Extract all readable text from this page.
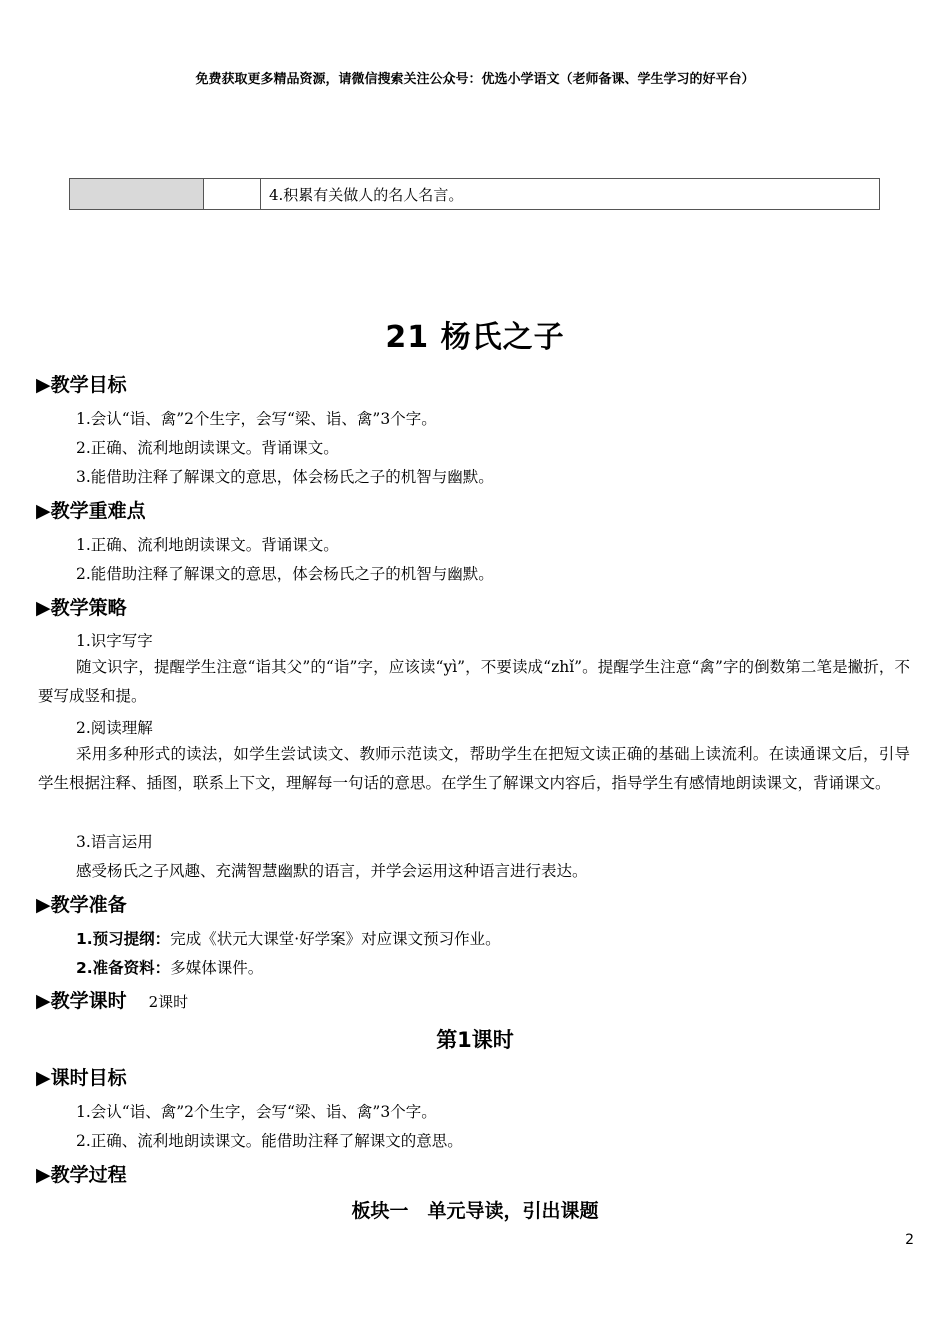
免费获取更多精品资源，请微信搜索关注公众号：优选小学语文（老师备课、学生学习的好平台）
		4.积累有关做人的名人名言。
21 杨氏之子
▶教学目标
1.会认“诣、禽”2个生字，会写“梁、诣、禽”3个字。
2.正确、流利地朗读课文。背诵课文。
3.能借助注释了解课文的意思，体会杨氏之子的机智与幽默。
▶教学重难点
1.正确、流利地朗读课文。背诵课文。
2.能借助注释了解课文的意思，体会杨氏之子的机智与幽默。
▶教学策略
1.识字写字
随文识字，提醒学生注意“诣其父”的“诣”字，应该读“yì”，不要读成“zhǐ”。提醒学生注意“禽”字的倒数第二笔是撇折，不要写成竖和提。
2.阅读理解
采用多种形式的读法，如学生尝试读文、教师示范读文，帮助学生在把短文读正确的基础上读流利。在读通课文后，引导学生根据注释、插图，联系上下文，理解每一句话的意思。在学生了解课文内容后，指导学生有感情地朗读课文，背诵课文。
3.语言运用
感受杨氏之子风趣、充满智慧幽默的语言，并学会运用这种语言进行表达。
▶教学准备
1.预习提纲：完成《状元大课堂·好学案》对应课文预习作业。
2.准备资料：多媒体课件。
▶教学课时 2课时
第1课时
▶课时目标
1.会认“诣、禽”2个生字，会写“梁、诣、禽”3个字。
2.正确、流利地朗读课文。能借助注释了解课文的意思。
▶教学过程
板块一　单元导读，引出课题
2
